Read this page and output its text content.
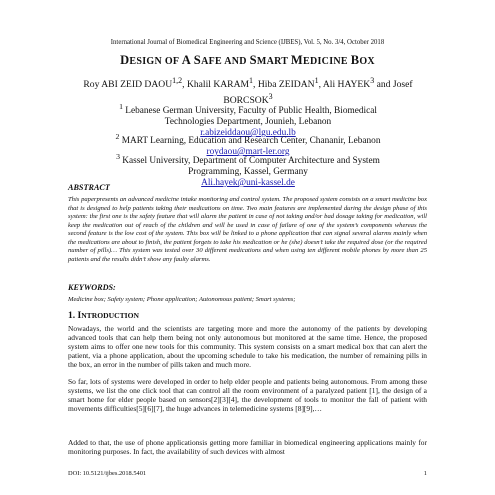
International Journal of Biomedical Engineering and Science (IJBES), Vol. 5, No. 3/4, October 2018
DESIGN OF A SAFE AND SMART MEDICINE BOX
Roy ABI ZEID DAOU$^{1,2}$, Khalil KARAM$^1$, Hiba ZEIDAN$^1$, Ali HAYEK$^3$ and Josef BORCSOK$^3$
$^1$ Lebanese German University, Faculty of Public Health, Biomedical
Technologies Department, Jounieh, Lebanon
r.abizeiddaou@lgu.edu.lb
$^2$ MART Learning, Education and Research Center, Chananir, Lebanon
roydaou@mart-ler.org
$^3$ Kassel University, Department of Computer Architecture and System
Programming, Kassel, Germany
Ali.hayek@uni-kassel.de
ABSTRACT
This paperpresents an advanced medicine intake monitoring and control system. The proposed system consists on a smart medicine box that is designed to help patients taking their medications on time. Two main features are implemented during the design phase of this system: the first one is the safety feature that will alarm the patient in case of not taking and/or bad dosage taking for medication, will keep the medication out of reach of the children and will be used in case of failure of one of the system’s components whereas the second feature is the low cost of the system. This box will be linked to a phone application that can signal several alarms mainly when the medications are about to finish, the patient forgets to take his medication or he (she) doesn’t take the required dose (or the required number of pills)… This system was tested over 30 different medications and when using ten different mobile phones by more than 25 patients and the results didn’t show any faulty alarms.
KEYWORDS:
Medicine box; Safety system; Phone application; Autonomous patient; Smart systems;
1. INTRODUCTION
Nowadays, the world and the scientists are targeting more and more the autonomy of the patients by developing advanced tools that can help them being not only autonomous but monitored at the same time. Hence, the proposed system aims to offer one new tools for this community. This system consists on a smart medical box that can alert the patient, via a phone application, about the upcoming schedule to take his medication, the number of remaining pills in the box, an error in the number of pills taken and much more.
So far, lots of systems were developed in order to help elder people and patients being autonomous. From among these systems, we list the one click tool that can control all the room environment of a paralyzed patient [1], the design of a smart home for elder people based on sensors[2][3][4], the development of tools to monitor the fall of patient with movements difficulties[5][6][7], the huge advances in telemedicine systems [8][9],…
Added to that, the use of phone applicationsis getting more familiar in biomedical engineering applications mainly for monitoring purposes. In fact, the availability of such devices with almost
DOI: 10.5121/ijbes.2018.5401	1
